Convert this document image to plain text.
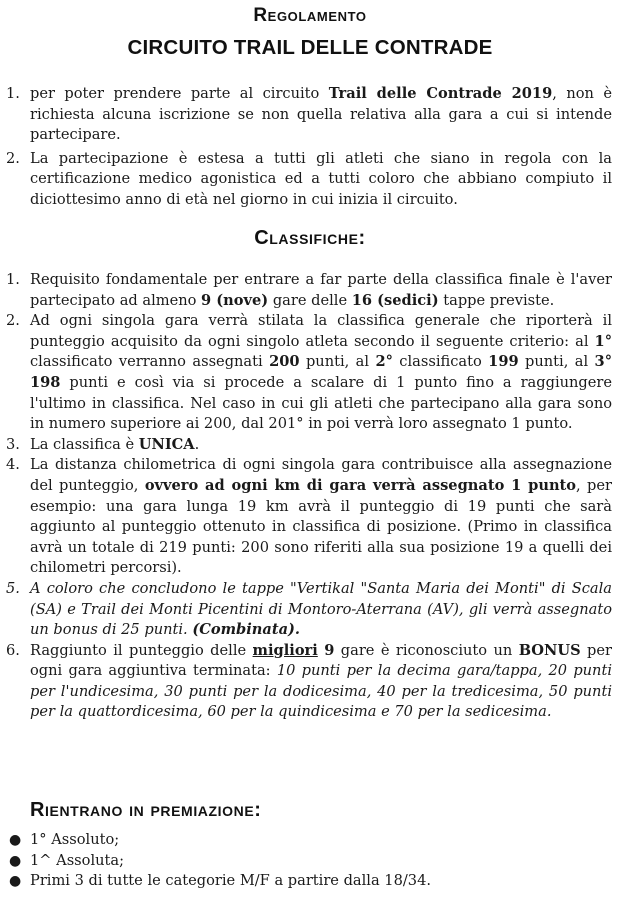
Regolamento
CIRCUITO TRAIL DELLE CONTRADE
1. per poter prendere parte al circuito Trail delle Contrade 2019, non è richiesta alcuna iscrizione se non quella relativa alla gara a cui si intende partecipare.
2. La partecipazione è estesa a tutti gli atleti che siano in regola con la certificazione medico agonistica ed a tutti coloro che abbiano compiuto il diciottesimo anno di età nel giorno in cui inizia il circuito.
Classifiche:
1. Requisito fondamentale per entrare a far parte della classifica finale è l'aver partecipato ad almeno 9 (nove) gare delle 16 (sedici) tappe previste.
2. Ad ogni singola gara verrà stilata la classifica generale che riporterà il punteggio acquisito da ogni singolo atleta secondo il seguente criterio: al 1° classificato verranno assegnati 200 punti, al 2° classificato 199 punti, al 3° 198 punti e così via si procede a scalare di 1 punto fino a raggiungere l'ultimo in classifica. Nel caso in cui gli atleti che partecipano alla gara sono in numero superiore ai 200, dal 201° in poi verrà loro assegnato 1 punto.
3. La classifica è UNICA.
4. La distanza chilometrica di ogni singola gara contribuisce alla assegnazione del punteggio, ovvero ad ogni km di gara verrà assegnato 1 punto, per esempio: una gara lunga 19 km avrà il punteggio di 19 punti che sarà aggiunto al punteggio ottenuto in classifica di posizione. (Primo in classifica avrà un totale di 219 punti: 200 sono riferiti alla sua posizione 19 a quelli dei chilometri percorsi).
5. A coloro che concludono le tappe "Vertikal "Santa Maria dei Monti" di Scala (SA) e Trail dei Monti Picentini di Montoro-Aterrana (AV), gli verrà assegnato un bonus di 25 punti. (Combinata).
6. Raggiunto il punteggio delle migliori 9 gare è riconosciuto un BONUS per ogni gara aggiuntiva terminata: 10 punti per la decima gara/tappa, 20 punti per l'undicesima, 30 punti per la dodicesima, 40 per la tredicesima, 50 punti per la quattordicesima, 60 per la quindicesima e 70 per la sedicesima.
Rientrano in premiazione:
● 1° Assoluto;
● 1^ Assoluta;
● Primi 3 di tutte le categorie M/F a partire dalla 18/34.
